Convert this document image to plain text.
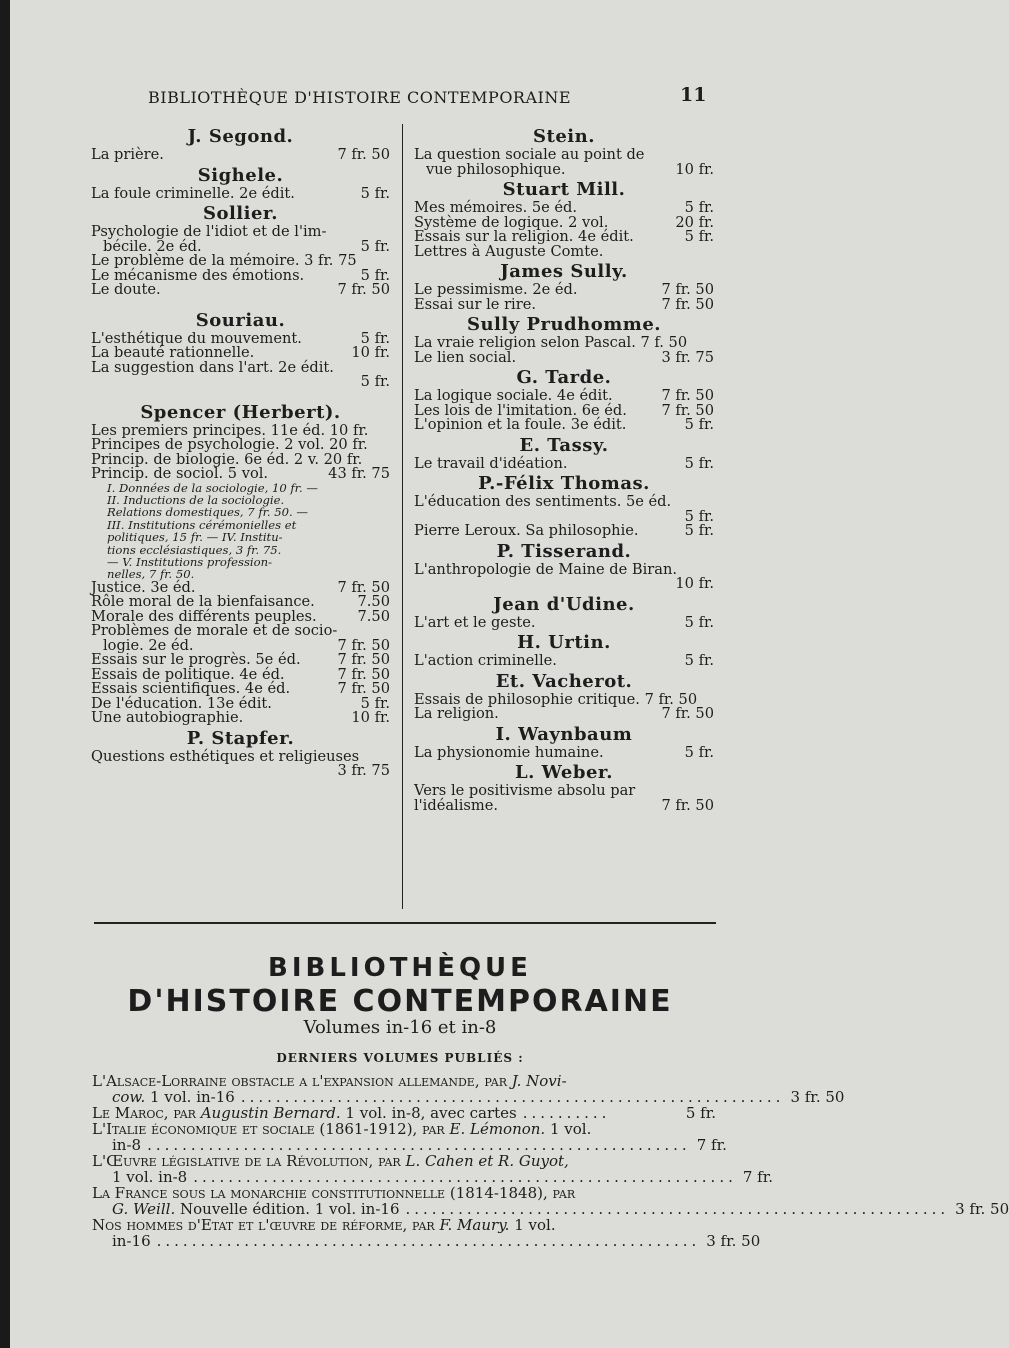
BIBLIOTHÈQUE D'HISTOIRE CONTEMPORAINE	11
J. Segond.
La prière.	7 fr. 50
Sighele.
La foule criminelle. 2e édit.	5 fr.
Sollier.
Psychologie de l'idiot et de l'im-
bécile. 2e éd.	5 fr.
Le problème de la mémoire. 3 fr. 75
Le mécanisme des émotions.	5 fr.
Le doute.	7 fr. 50
Souriau.
L'esthétique du mouvement.	5 fr.
La beauté rationnelle.	10 fr.
La suggestion dans l'art. 2e édit.
5 fr.
Spencer (Herbert).
Les premiers principes. 11e éd. 10 fr.
Principes de psychologie. 2 vol. 20 fr.
Princip. de biologie. 6e éd. 2 v. 20 fr.
Princip. de sociol. 5 vol.	43 fr. 75
I. Données de la sociologie, 10 fr. —
II. Inductions de la sociologie.
Relations domestiques, 7 fr. 50. —
III. Institutions cérémonielles et
politiques, 15 fr. — IV. Institu-
tions ecclésiastiques, 3 fr. 75.
— V. Institutions profession-
nelles, 7 fr. 50.
Justice. 3e éd.	7 fr. 50
Rôle moral de la bienfaisance.	7.50
Morale des différents peuples.	7.50
Problèmes de morale et de socio-
logie. 2e éd.	7 fr. 50
Essais sur le progrès. 5e éd.	7 fr. 50
Essais de politique. 4e éd.	7 fr. 50
Essais scientifiques. 4e éd.	7 fr. 50
De l'éducation. 13e édit.	5 fr.
Une autobiographie.	10 fr.
P. Stapfer.
Questions esthétiques et religieuses
3 fr. 75
Stein.
La question sociale au point de
vue philosophique.	10 fr.
Stuart Mill.
Mes mémoires. 5e éd.	5 fr.
Système de logique. 2 vol.	20 fr.
Essais sur la religion. 4e édit.	5 fr.
Lettres à Auguste Comte.
James Sully.
Le pessimisme. 2e éd.	7 fr. 50
Essai sur le rire.	7 fr. 50
Sully Prudhomme.
La vraie religion selon Pascal. 7 f. 50
Le lien social.	3 fr. 75
G. Tarde.
La logique sociale. 4e édit.	7 fr. 50
Les lois de l'imitation. 6e éd. 7 fr. 50
L'opinion et la foule. 3e édit.	5 fr.
E. Tassy.
Le travail d'idéation.	5 fr.
P.-Félix Thomas.
L'éducation des sentiments. 5e éd.
5 fr.
Pierre Leroux. Sa philosophie.	5 fr.
P. Tisserand.
L'anthropologie de Maine de Biran.
10 fr.
Jean d'Udine.
L'art et le geste.	5 fr.
H. Urtin.
L'action criminelle.	5 fr.
Et. Vacherot.
Essais de philosophie critique. 7 fr. 50
La religion.	7 fr. 50
I. Waynbaum
La physionomie humaine.	5 fr.
L. Weber.
Vers le positivisme absolu par
l'idéalisme.	7 fr. 50
BIBLIOTHÈQUE
D'HISTOIRE CONTEMPORAINE
Volumes in-16 et in-8
DERNIERS VOLUMES PUBLIÉS :
L'Alsace-Lorraine obstacle a l'expansion allemande, par J. Novi-
cow. 1 vol. in-16 .............................................................. 3 fr. 50
Le Maroc, par Augustin Bernard. 1 vol. in-8, avec cartes ..........	5 fr.
L'Italie économique et sociale (1861-1912), par E. Lémonon. 1 vol.
in-8 .............................................................. 7 fr.
L'Œuvre législative de la Révolution, par L. Cahen et R. Guyot,
1 vol. in-8 .............................................................. 7 fr.
La France sous la monarchie constitutionnelle (1814-1848), par
G. Weill. Nouvelle édition. 1 vol. in-16 .............................................................. 3 fr. 50
Nos hommes d'Etat et l'œuvre de réforme, par F. Maury. 1 vol.
in-16 .............................................................. 3 fr. 50
